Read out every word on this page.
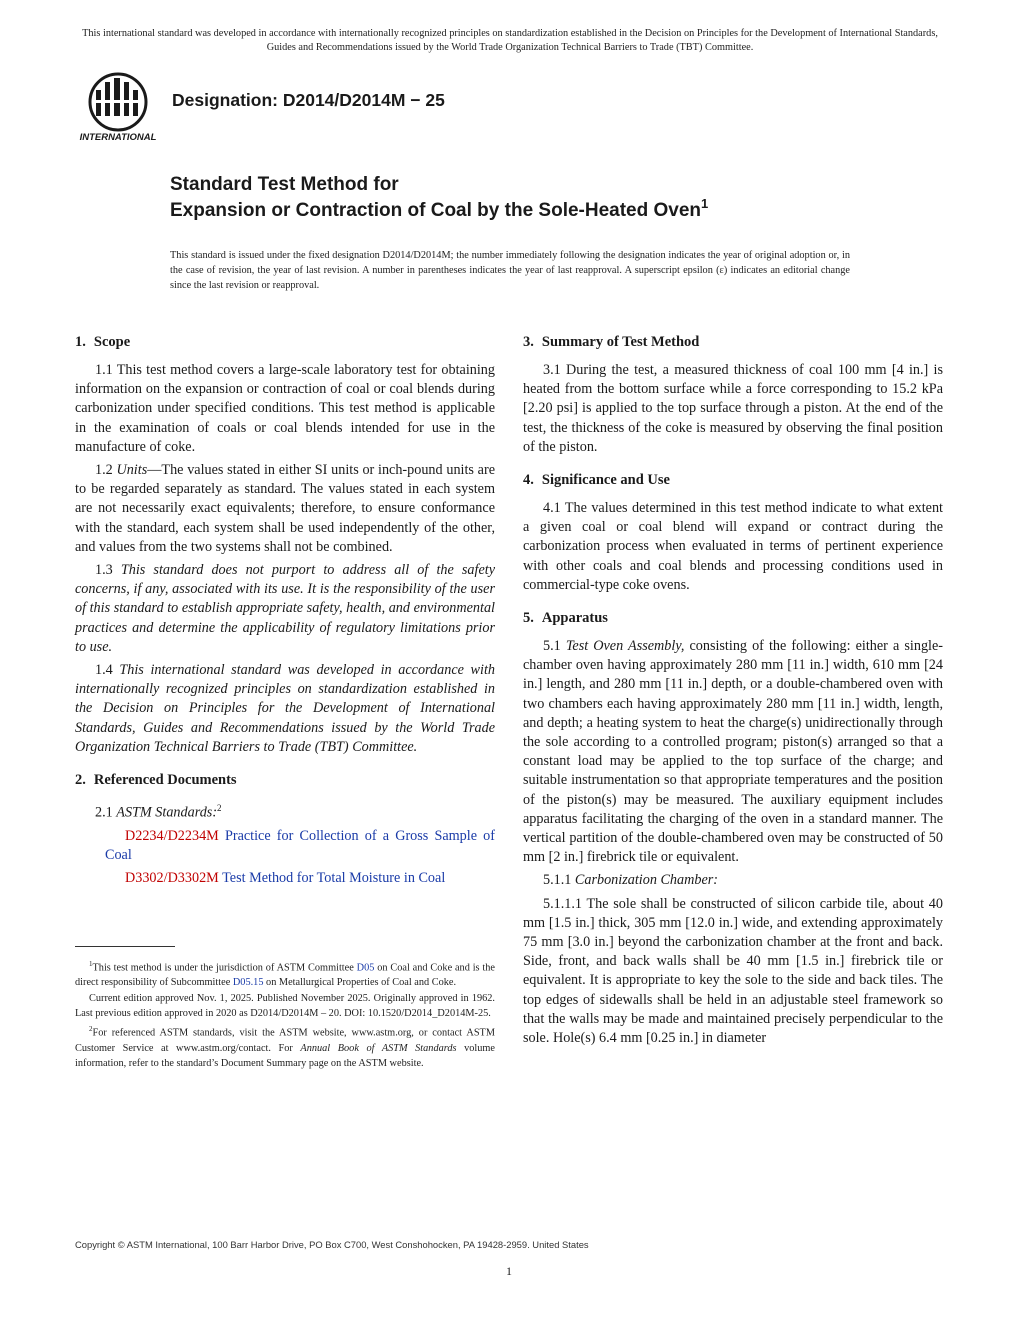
This international standard was developed in accordance with internationally recognized principles on standardization established in the Decision on Principles for the Development of International Standards, Guides and Recommendations issued by the World Trade Organization Technical Barriers to Trade (TBT) Committee.
INTERNATIONAL
Designation: D2014/D2014M − 25
Standard Test Method for
Expansion or Contraction of Coal by the Sole-Heated Oven$^1$
This standard is issued under the fixed designation D2014/D2014M; the number immediately following the designation indicates the year of original adoption or, in the case of revision, the year of last revision. A number in parentheses indicates the year of last reapproval. A superscript epsilon (ε) indicates an editorial change since the last revision or reapproval.
1. Scope

1.1 This test method covers a large-scale laboratory test for obtaining information on the expansion or contraction of coal or coal blends during carbonization under specified conditions. This test method is applicable in the examination of coals or coal blends intended for use in the manufacture of coke.

1.2 Units—The values stated in either SI units or inch-pound units are to be regarded separately as standard. The values stated in each system are not necessarily exact equivalents; therefore, to ensure conformance with the standard, each system shall be used independently of the other, and values from the two systems shall not be combined.

1.3 This standard does not purport to address all of the safety concerns, if any, associated with its use. It is the responsibility of the user of this standard to establish appropriate safety, health, and environmental practices and determine the applicability of regulatory limitations prior to use.

1.4 This international standard was developed in accordance with internationally recognized principles on standardization established in the Decision on Principles for the Development of International Standards, Guides and Recommendations issued by the World Trade Organization Technical Barriers to Trade (TBT) Committee.

2. Referenced Documents

2.1 ASTM Standards:$^2$

D2234/D2234M Practice for Collection of a Gross Sample of Coal

D3302/D3302M Test Method for Total Moisture in Coal

3. Summary of Test Method

3.1 During the test, a measured thickness of coal 100 mm [4 in.] is heated from the bottom surface while a force corresponding to 15.2 kPa [2.20 psi] is applied to the top surface through a piston. At the end of the test, the thickness of the coke is measured by observing the final position of the piston.

4. Significance and Use

4.1 The values determined in this test method indicate to what extent a given coal or coal blend will expand or contract during the carbonization process when evaluated in terms of pertinent experience with other coals and coal blends and processing conditions used in commercial-type coke ovens.

5. Apparatus

5.1 Test Oven Assembly, consisting of the following: either a single-chamber oven having approximately 280 mm [11 in.] width, 610 mm [24 in.] length, and 280 mm [11 in.] depth, or a double-chambered oven with two chambers each having approximately 280 mm [11 in.] width, length, and depth; a heating system to heat the charge(s) unidirectionally through the sole according to a controlled program; piston(s) arranged so that a constant load may be applied to the top surface of the charge; and suitable instrumentation so that appropriate temperatures and the position of the piston(s) may be measured. The auxiliary equipment includes apparatus facilitating the charging of the oven in a standard manner. The vertical partition of the double-chambered oven may be constructed of 50 mm [2 in.] firebrick tile or equivalent.

5.1.1 Carbonization Chamber:

5.1.1.1 The sole shall be constructed of silicon carbide tile, about 40 mm [1.5 in.] thick, 305 mm [12.0 in.] wide, and extending approximately 75 mm [3.0 in.] beyond the carbonization chamber at the front and back. Side, front, and back walls shall be 40 mm [1.5 in.] firebrick tile or equivalent. It is appropriate to key the sole to the side and back tiles. The top edges of sidewalls shall be held in an adjustable steel framework so that the walls may be made and maintained precisely perpendicular to the sole. Hole(s) 6.4 mm [0.25 in.] in diameter

$^1$This test method is under the jurisdiction of ASTM Committee D05 on Coal and Coke and is the direct responsibility of Subcommittee D05.15 on Metallurgical Properties of Coal and Coke.

Current edition approved Nov. 1, 2025. Published November 2025. Originally approved in 1962. Last previous edition approved in 2020 as D2014/D2014M – 20. DOI: 10.1520/D2014_D2014M-25.

$^2$For referenced ASTM standards, visit the ASTM website, www.astm.org, or contact ASTM Customer Service at www.astm.org/contact. For Annual Book of ASTM Standards volume information, refer to the standard’s Document Summary page on the ASTM website.

Copyright © ASTM International, 100 Barr Harbor Drive, PO Box C700, West Conshohocken, PA 19428-2959. United States
1
